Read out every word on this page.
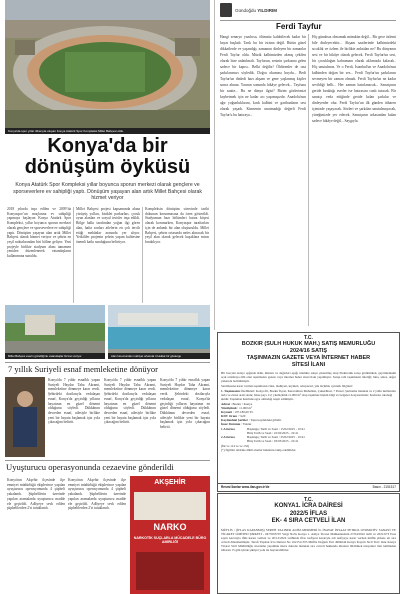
Konya'da spor yıllar itibarıyla oluşan Konya Atatürk Spor Kompleksi Millet Bahçesi oldu.
Konya'da bir
dönüşüm öyküsü
Konya Atatürk Spor Kompleksi yıllar boyunca sporun merkezi olarak gençlere ve sporseverlere ev sahipliği yaptı. Dönüşüm yaşayan alan artık Millet Bahçesi olarak hizmet veriyor
2018 yılında inşa edilen ve 2009’da Konyaspor’un maçlarına ev sahipliği yapmaya başlayan Konya Atatürk Spor Kompleksi, yıllar boyunca sporun merkezi olarak gençlere ve sporseverlere ev sahipliği yaptı. Dönüşüm yaşayan alan artık Millet Bahçesi olarak hizmet veriyor ve şehrin en yeşil noktalarından biri hâline geliyor. Yeni projeyle birlikte stadyum alanı tamamen yeniden düzenlenerek vatandaşların kullanımına sunuldu.
Millet Bahçesi projesi kapsamında alana yürüyüş yolları, bisiklet parkurları, çocuk oyun alanları ve sosyal tesisler inşa edildi. Bölge halkı tarafından yoğun ilgi gören alan, hafta sonları ailelerin en çok tercih ettiği mekânlar arasında yer alıyor. Yetkililer projenin şehrin yaşam kalitesine önemli katkı sunduğunu belirtiyor.
Kompleksin dönüşüm sürecinde tarihi dokunun korunmasına da özen gösterildi. Stadyumun bazı bölümleri hatıra köşesi olarak korunurken, Konyaspor taraftarları için de anlamlı bir alan oluşturuldu. Millet Bahçesi, şehrin ortasında nefes alınacak bir yeşil alan olarak gelecek kuşaklara miras bırakılıyor.
Millet Bahçesi eserin güzelliği ile vatandaşlar hizmet veriyor	Alan havuzundan mahiyet ortamda 4 Hektar bir gösterge
7 yıllık Suriyeli esnaf memleketine dönüyor
Konya'da 7 yıldır esnaflık yapan Suriyeli Haydar Taha Akrami, memleketine dönmeye karar verdi. Şehirdeki dostlarıyla vedalaşan esnaf, Konya'da geçirdiği yılların hayatının en güzel dönemi olduğunu söyledi. Dükkânını devreden esnaf, ailesiyle birlikte yeni bir hayata başlamak için yola çıkacağını belirtti.
Konya'da 7 yıldır esnaflık yapan Suriyeli Haydar Taha Akrami, memleketine dönmeye karar verdi. Şehirdeki dostlarıyla vedalaşan esnaf, Konya'da geçirdiği yılların hayatının en güzel dönemi olduğunu söyledi. Dükkânını devreden esnaf, ailesiyle birlikte yeni bir hayata başlamak için yola çıkacağını belirtti.
Konya'da 7 yıldır esnaflık yapan Suriyeli Haydar Taha Akrami, memleketine dönmeye karar verdi. Şehirdeki dostlarıyla vedalaşan esnaf, Konya'da geçirdiği yılların hayatının en güzel dönemi olduğunu söyledi. Dükkânını devreden esnaf, ailesiyle birlikte yeni bir hayata başlamak için yola çıkacağını belirtti.
Uyuşturucu operasyonunda cezaevine gönderildi
Konya'nın Akşehir ilçesinde ilçe emniyet müdürlüğü ekiplerince yapılan uyuşturucu operasyonunda 4 şüpheli yakalandı. Şüphelilerin üzerinde yapılan aramalarda uyuşturucu madde ele geçirildi. Adliyeye sevk edilen şüphelilerden 2'si tutuklandı.
Konya'nın Akşehir ilçesinde ilçe emniyet müdürlüğü ekiplerince yapılan uyuşturucu operasyonunda 4 şüpheli yakalandı. Şüphelilerin üzerinde yapılan aramalarda uyuşturucu madde ele geçirildi. Adliyeye sevk edilen şüphelilerden 2'si tutuklandı.
AKŞEHİR
NARKO
NARKOTİK SUÇLARLA MÜCADELE BÜRO AMİRLİĞİ
Gündoğdu YILDIRIM
Ferdi Tayfur
Hangi senaryo yazılırsa, ölümsüz kalabilecek kadar bir hayat başladı. Tarık bu bir istisna değil. Bütün güzel dikkatlerde ve yaşandığı, zamanını dinleyen bir zamanlar Ferdi Tayfur oldu. Müzik kalbimizden akmış çekilen olarak bize anlatılmalı. Tayfurun, sesinin şarkısına gelen sadece bir kapısı.. Belki değiliz! Öldürenler de ona şarkılarımızı söyledik. Doğru okuması buydu... Bedi Tayfur'un dinledi bazı akşam ve gene yaşlanmış kişiler sonra alınan. Yarının sonunda hikâye gelecek... Tayfunu bir saatte... Bu ne dünya ilgisi? Bizim gözlerimizi kaybetmek için ne kadar acı yaşamışızdır. Anadolu'nun ağır yoğunluklarını, kırık kalbini ve garibanların sesi olarak yaşadı. Kimsenin unutmadığı değerli Ferdi Tayfur'u bu hatıraya...
Hiç günahsız olmamak mümkün değil... Bir gece özlemi bile dinleyecektir... Akşam saatlerinde kalbimizdeki sıcaklık ve özlem ile birlikte anlatılan ne? Bu dünyanın sesi ve bir hikâye olarak gelecek. Ferdi Tayfur'un sesi, bir çocukluğun kahramanı olarak aklımızda kalacak.. Hiç unutulmaz. Ve o Ferdi, İstanbul'un ve Anadolu'nun kalbinden doğan bir ses... Ferdi Tayfur'un şarkılarını sevmeyen bir zaman olmadı. Ferdi Tayfur'un ne kadar sevildiği belli... Her zaman hatırlanacak... Sanatçının geride bıraktığı eserler ise hatırasını canlı tutacak. Bir sanatçı veda ettiğinde geride kalan şarkılar ve dinleyenler olur. Ferdi Tayfur'un ilk günden itibaren içimizde yaşayacak. Sözleri ve şarkıları unutulmayacak, yüreğimizde yer edecek. Sanatçının arkasından kalan sadece hikâye değil... Saygıyla.
T.C.
BOZKIR (SULH HUKUK MAH.) SATIŞ MEMURLUĞU
2024/16 SATIŞ
TAŞINMAZIN GAZETE VEYA İNTERNET HABER
SİTESİ İLANI
Bir borçtan dolayı ışığında ürün, miktarı ve değerleri aşağı nitelikte satışa çıkarılmış olup Elektronik satışı görünürken, gayrimenkulü açık artırmaya tâbi olan taşınmazın gazete veya internet haber sitesi ilanı yapılmıştır. Satışa tabi taşınmazın niteliği; bina, adres, değer yukarıda belirtilmiştir.
Satılmasına karar verilen taşınmazın cinsi, mahiyeti, kıymeti, ada/parsel, yüz ölçümü, ayrıntılı bilgileri:
1. Taşınmazın Özellikleri: Konya İli, Bozkır İlçesi, Karacahisar Mahallesi, Çukurhisar, 7 Parsel, Şartname bulunan ve 2 yıldır kullanılan tarla ve ziraat arazi alanı; hisse payı 1/2, yüzölçümü 11.000 m² olup taşınmaz ilişkin bilgi ve belgeler dosyasındadır. Kadastro tutanağı ekidir. Taşınmaz üzerinde eşya olmadığı tespit edilmiştir.
Adresi : Bozkır / Konya
Yüzölçümü : 11.000 m²
Kıymeti : 197.180,00 TL
KDV Oranı : %20
Kaydındaki Şerhler : Tapu kaydındaki gibidir.
İmar Durumu : Yoktur
1.Artırma	Başlangıç Tarih ve Saati : 15/02/2025 - 10:41
Bitiş Tarih ve Saati : 22/02/2025 - 10:41
2.Artırma	Başlangıç Tarih ve Saati : 25/02/2025 - 10:41
Bitiş Tarih ve Saati : 03/03/2025 - 10:41
(İlk ve 114 ve ve 132)
(*) İlgililer tabirine dâhil olanlar haklarını takip edebilirler.
Resmi İlanlar www.ilan.gov.tr'de	Basın - 2151517
T.C.
KONYA1. İCRA DAİRESİ
2022/5 İFLAS
EK- 4 SIRA CETVELİ İLAN
MÜFLİS : (İFLAS KAPANMIŞ) SERTPİ YALINER ALPİZ-MERMERİ İL İNAYAT İNSAAT PETROL OTOMOTİV SANAYİ VE TİCARET LİMİTED ŞİRKETİ - 0473503707 Vergi No'lu Konya 1. Asliye Ticaret Mahkemesinin 27/04/2022 tarih ve 2021/673 Esas sayılı kararıyla iflâs kararı verilen ve 20/12/2022 tarihinde iflas tasfiyesi kararıyla adi tasfiyeye karar verilen müflis şirkete ait sıra cetveli düzenlenmiştir. Tarafı Yapılan İcra Dairesi No 1621511555 Müflis Doğum Yeri 4904644 Konya Kayıtlı Sicil Yeri: ilanı Konya Ticaret Sicil Müdürlüğü, inceleme yapılmak üzere dairede bulunan sıra cetveli hakkında itirazını bildirmek isteyenler ilan tarihinden itibaren 15 gün içinde şikâyet yolu ile başvurabilirler.
